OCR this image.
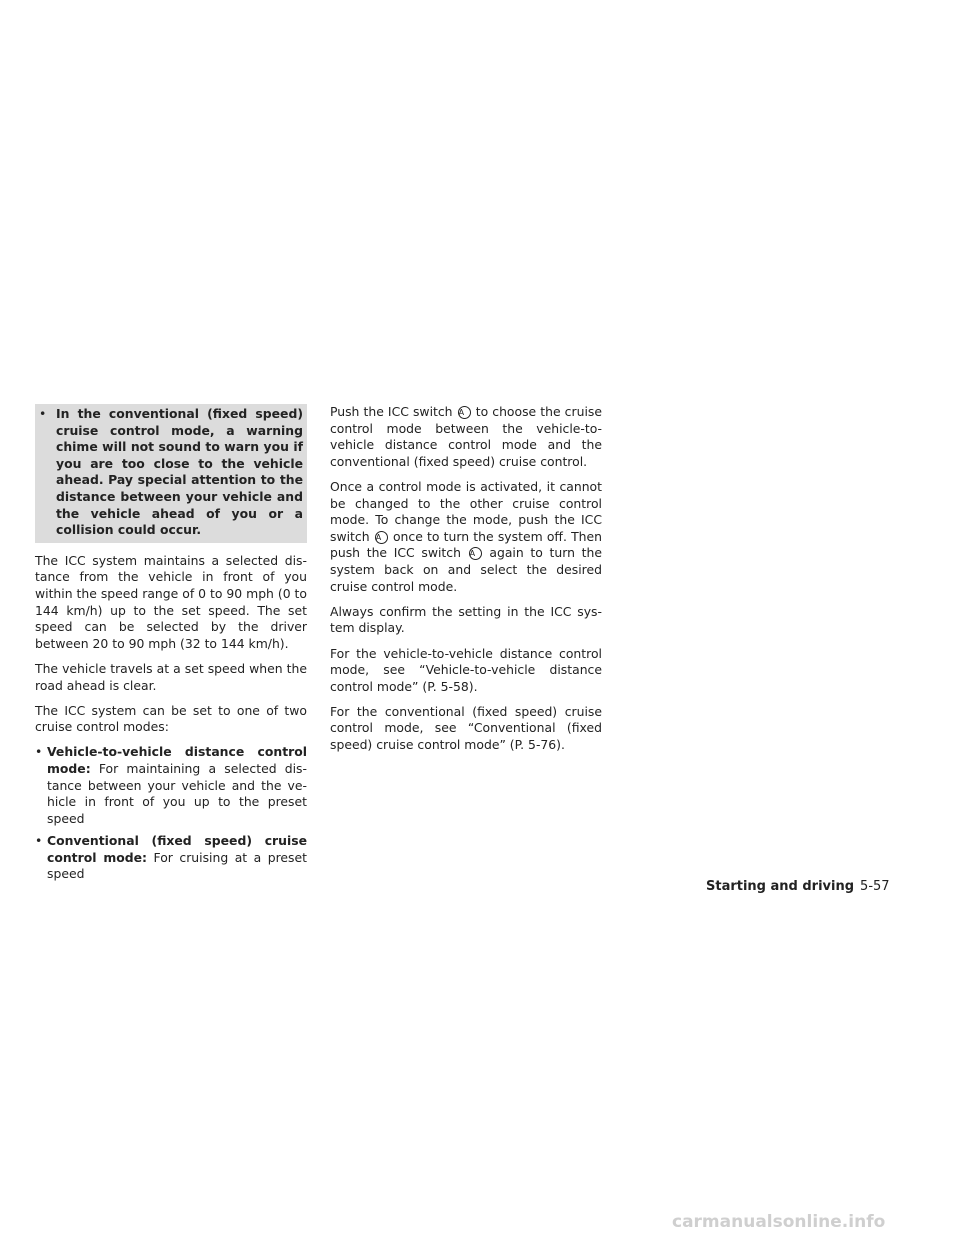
• In the conventional (fixed speed) cruise control mode, a warning chime will not sound to warn you if you are too close to the vehicle ahead. Pay special attention to the distance between your vehicle and the vehicle ahead of you or a collision could occur.

The ICC system maintains a selected distance from the vehicle in front of you within the speed range of 0 to 90 mph (0 to 144 km/h) up to the set speed. The set speed can be selected by the driver between 20 to 90 mph (32 to 144 km/h).

The vehicle travels at a set speed when the road ahead is clear.

The ICC system can be set to one of two cruise control modes:

• Vehicle-to-vehicle distance control mode: For maintaining a selected distance between your vehicle and the vehicle in front of you up to the preset speed
• Conventional (fixed speed) cruise control mode: For cruising at a preset speed

Push the ICC switch A to choose the cruise control mode between the vehicle-to-vehicle distance control mode and the conventional (fixed speed) cruise control.

Once a control mode is activated, it cannot be changed to the other cruise control mode. To change the mode, push the ICC switch A once to turn the system off. Then push the ICC switch A again to turn the system back on and select the desired cruise control mode.

Always confirm the setting in the ICC system display.

For the vehicle-to-vehicle distance control mode, see “Vehicle-to-vehicle distance control mode” (P. 5-58).

For the conventional (fixed speed) cruise control mode, see “Conventional (fixed speed) cruise control mode” (P. 5-76).

Starting and driving 5-57
carmanualsonline.info
